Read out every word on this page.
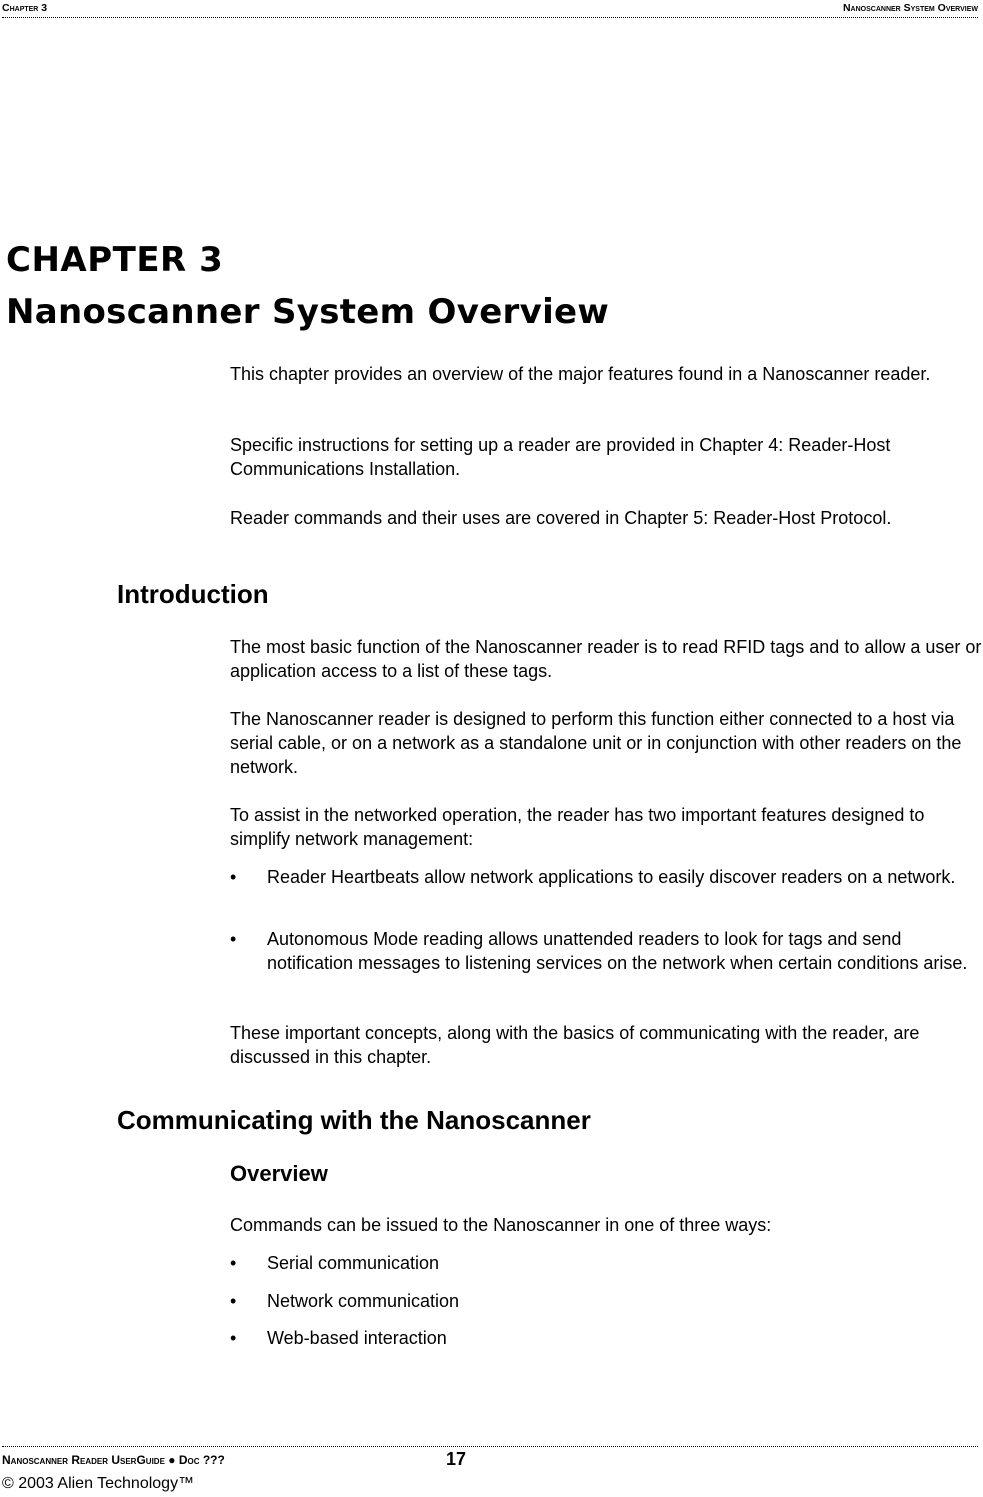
Chapter 3	Nanoscanner System Overview
CHAPTER 3
Nanoscanner System Overview

This chapter provides an overview of the major features found in a Nanoscanner reader.

Specific instructions for setting up a reader are provided in Chapter 4: Reader-Host Communications Installation.

Reader commands and their uses are covered in Chapter 5: Reader-Host Protocol.

Introduction

The most basic function of the Nanoscanner reader is to read RFID tags and to allow a user or application access to a list of these tags.

The Nanoscanner reader is designed to perform this function either connected to a host via serial cable, or on a network as a standalone unit or in conjunction with other readers on the network.

To assist in the networked operation, the reader has two important features designed to simplify network management:

•	Reader Heartbeats allow network applications to easily discover readers on a network.
•	Autonomous Mode reading allows unattended readers to look for tags and send notification messages to listening services on the network when certain conditions arise.

These important concepts, along with the basics of communicating with the reader, are discussed in this chapter.

Communicating with the Nanoscanner
Overview

Commands can be issued to the Nanoscanner in one of three ways:

•	Serial communication
•	Network communication
•	Web-based interaction
Nanoscanner Reader UserGuide ● Doc ???	17
© 2003 Alien Technology™
